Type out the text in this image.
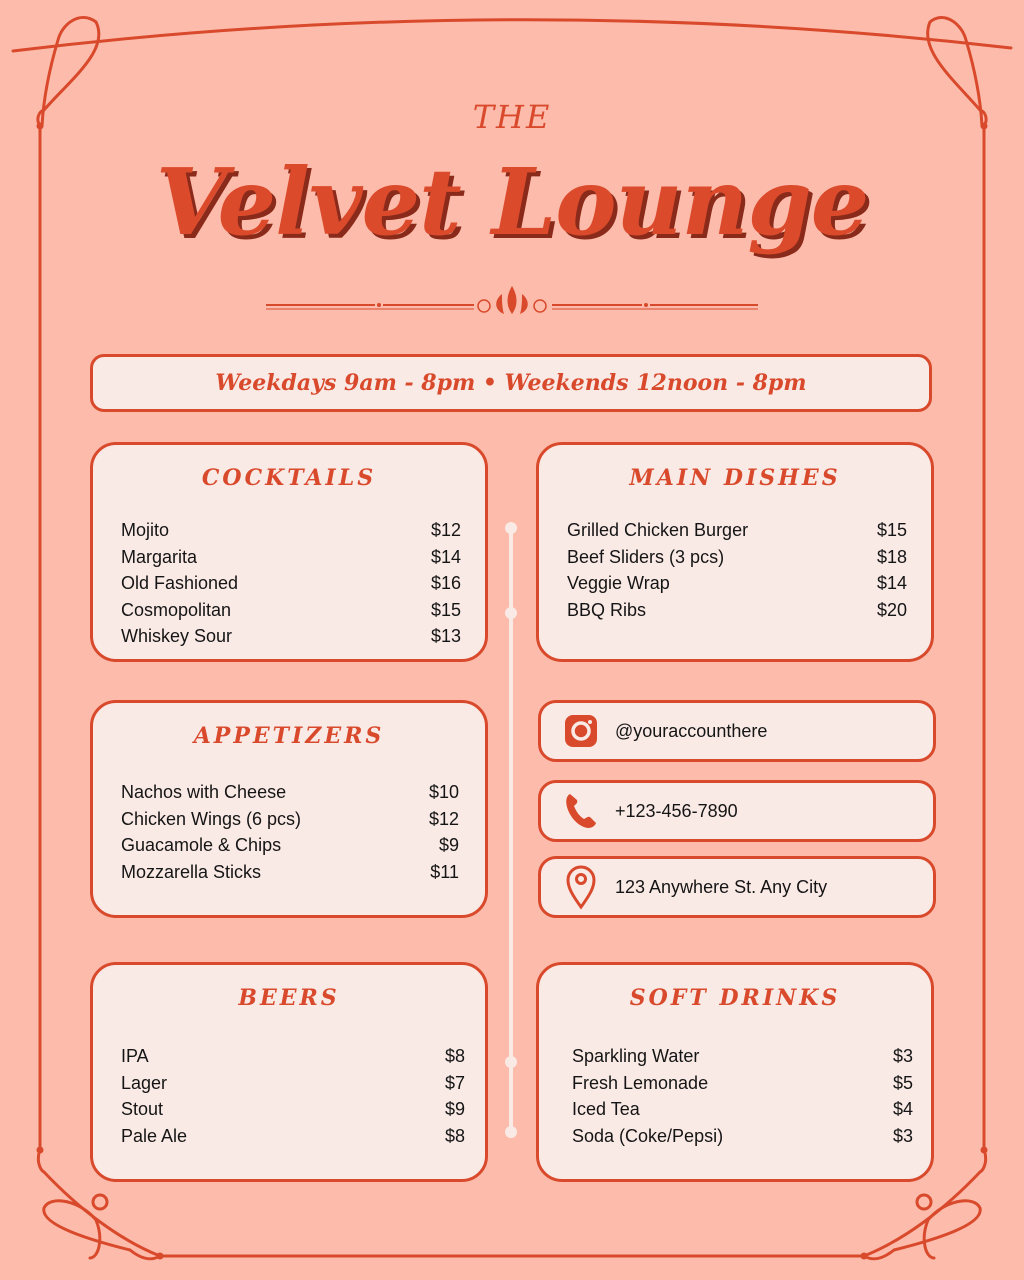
THE
Velvet Lounge
Weekdays 9am - 8pm • Weekends 12noon - 8pm
COCKTAILS
Mojito	$12
Margarita	$14
Old Fashioned	$16
Cosmopolitan	$15
Whiskey Sour	$13
MAIN DISHES
Grilled Chicken Burger	$15
Beef Sliders (3 pcs)	$18
Veggie Wrap	$14
BBQ Ribs	$20
APPETIZERS
Nachos with Cheese	$10
Chicken Wings (6 pcs)	$12
Guacamole & Chips	$9
Mozzarella Sticks	$11
@youraccounthere
+123-456-7890
123 Anywhere St. Any City
BEERS
IPA	$8
Lager	$7
Stout	$9
Pale Ale	$8
SOFT DRINKS
Sparkling Water	$3
Fresh Lemonade	$5
Iced Tea	$4
Soda (Coke/Pepsi)	$3
